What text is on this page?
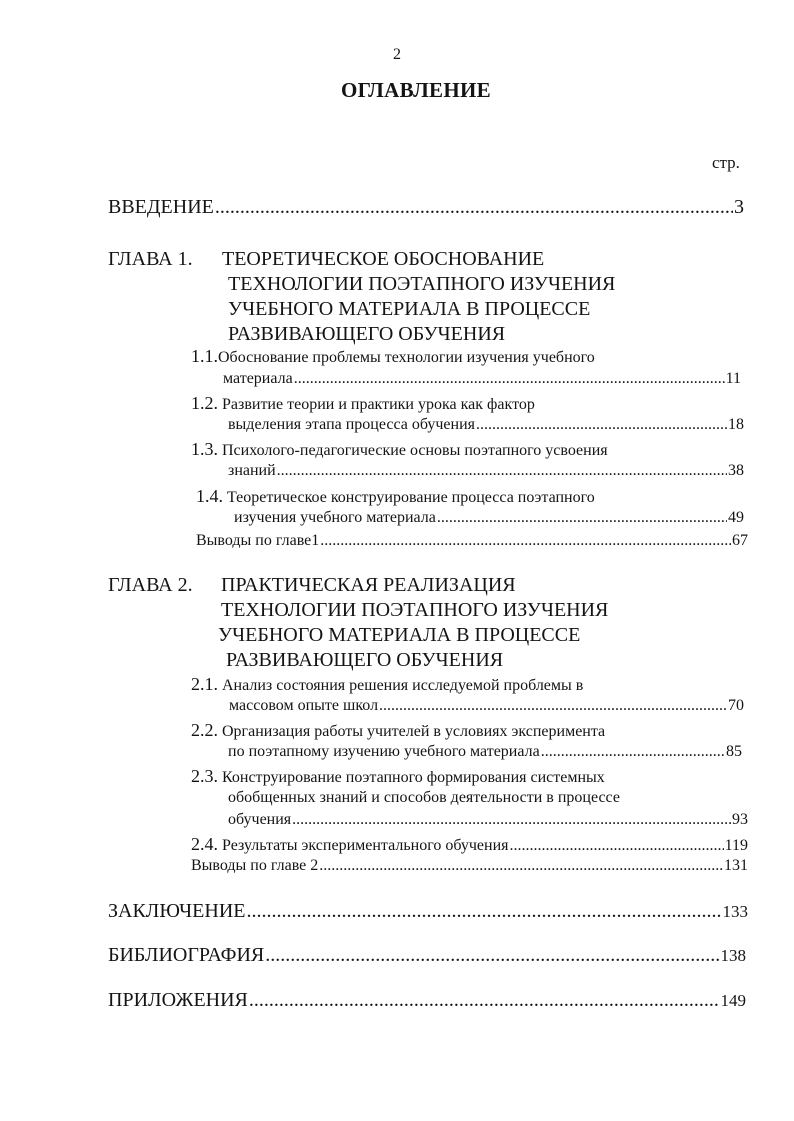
2
ОГЛАВЛЕНИЕ
стр.
ВВЕДЕНИЕ .....	3
ГЛАВА 1. ТЕОРЕТИЧЕСКОЕ ОБОСНОВАНИЕ
ТЕХНОЛОГИИ ПОЭТАПНОГО ИЗУЧЕНИЯ
УЧЕБНОГО МАТЕРИАЛА В ПРОЦЕССЕ
РАЗВИВАЮЩЕГО ОБУЧЕНИЯ
1.1.Обоснование проблемы технологии изучения учебного
материала .....	11
1.2. Развитие теории и практики урока как фактор
выделения этапа процесса обучения .....	18
1.3. Психолого-педагогические основы поэтапного усвоения
знаний .....	38
1.4. Теоретическое конструирование процесса поэтапного
изучения учебного материала .....	49
Выводы по главе1 .....	67
ГЛАВА 2. ПРАКТИЧЕСКАЯ РЕАЛИЗАЦИЯ
ТЕХНОЛОГИИ ПОЭТАПНОГО ИЗУЧЕНИЯ
УЧЕБНОГО МАТЕРИАЛА В ПРОЦЕССЕ
РАЗВИВАЮЩЕГО ОБУЧЕНИЯ
2.1. Анализ состояния решения исследуемой проблемы в
массовом опыте школ .....	70
2.2. Организация работы учителей в условиях эксперимента
по поэтапному изучению учебного материала .....	85
2.3. Конструирование поэтапного формирования системных
обобщенных знаний и способов деятельности в процессе
обучения .....	93
2.4. Результаты экспериментального обучения .....	119
Выводы по главе 2 .....	131
ЗАКЛЮЧЕНИЕ .....	133
БИБЛИОГРАФИЯ .....	138
ПРИЛОЖЕНИЯ .....	149
